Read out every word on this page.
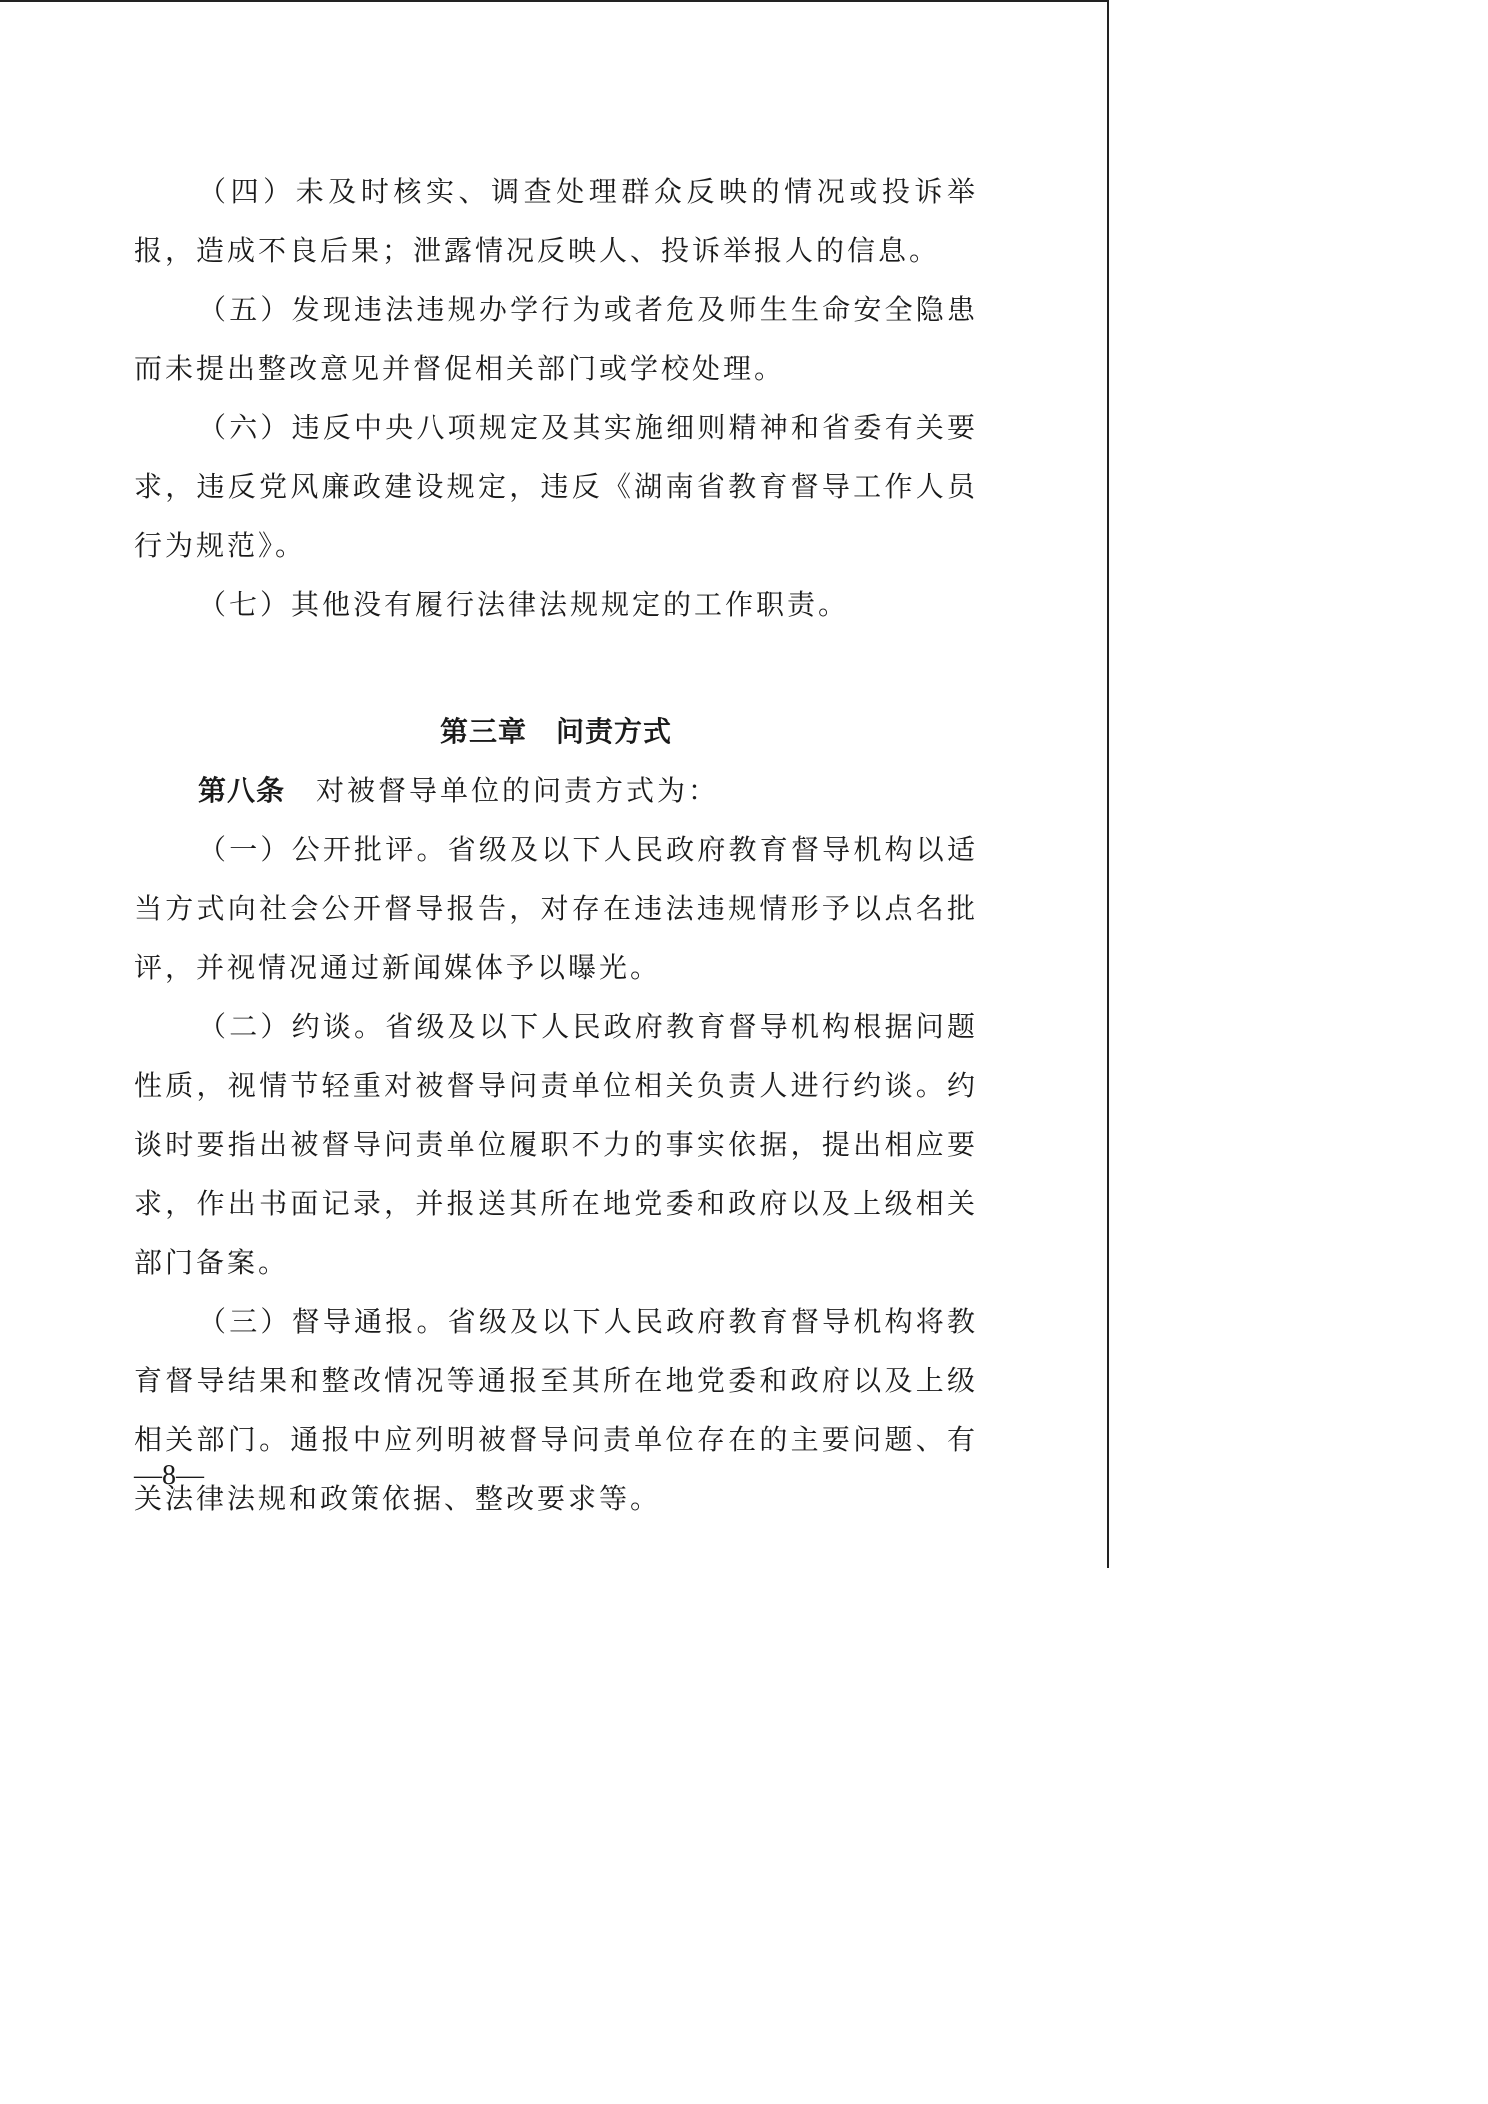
（四）未及时核实、调查处理群众反映的情况或投诉举报，造成不良后果；泄露情况反映人、投诉举报人的信息。

（五）发现违法违规办学行为或者危及师生生命安全隐患而未提出整改意见并督促相关部门或学校处理。

（六）违反中央八项规定及其实施细则精神和省委有关要求，违反党风廉政建设规定，违反《湖南省教育督导工作人员行为规范》。

（七）其他没有履行法律法规规定的工作职责。

第三章　问责方式

第八条　 对被督导单位的问责方式为：

（一）公开批评。省级及以下人民政府教育督导机构以适当方式向社会公开督导报告，对存在违法违规情形予以点名批评，并视情况通过新闻媒体予以曝光。

（二）约谈。省级及以下人民政府教育督导机构根据问题性质，视情节轻重对被督导问责单位相关负责人进行约谈。约谈时要指出被督导问责单位履职不力的事实依据，提出相应要求，作出书面记录，并报送其所在地党委和政府以及上级相关部门备案。

（三）督导通报。省级及以下人民政府教育督导机构将教育督导结果和整改情况等通报至其所在地党委和政府以及上级相关部门。通报中应列明被督导问责单位存在的主要问题、有关法律法规和政策依据、整改要求等。

—8—
